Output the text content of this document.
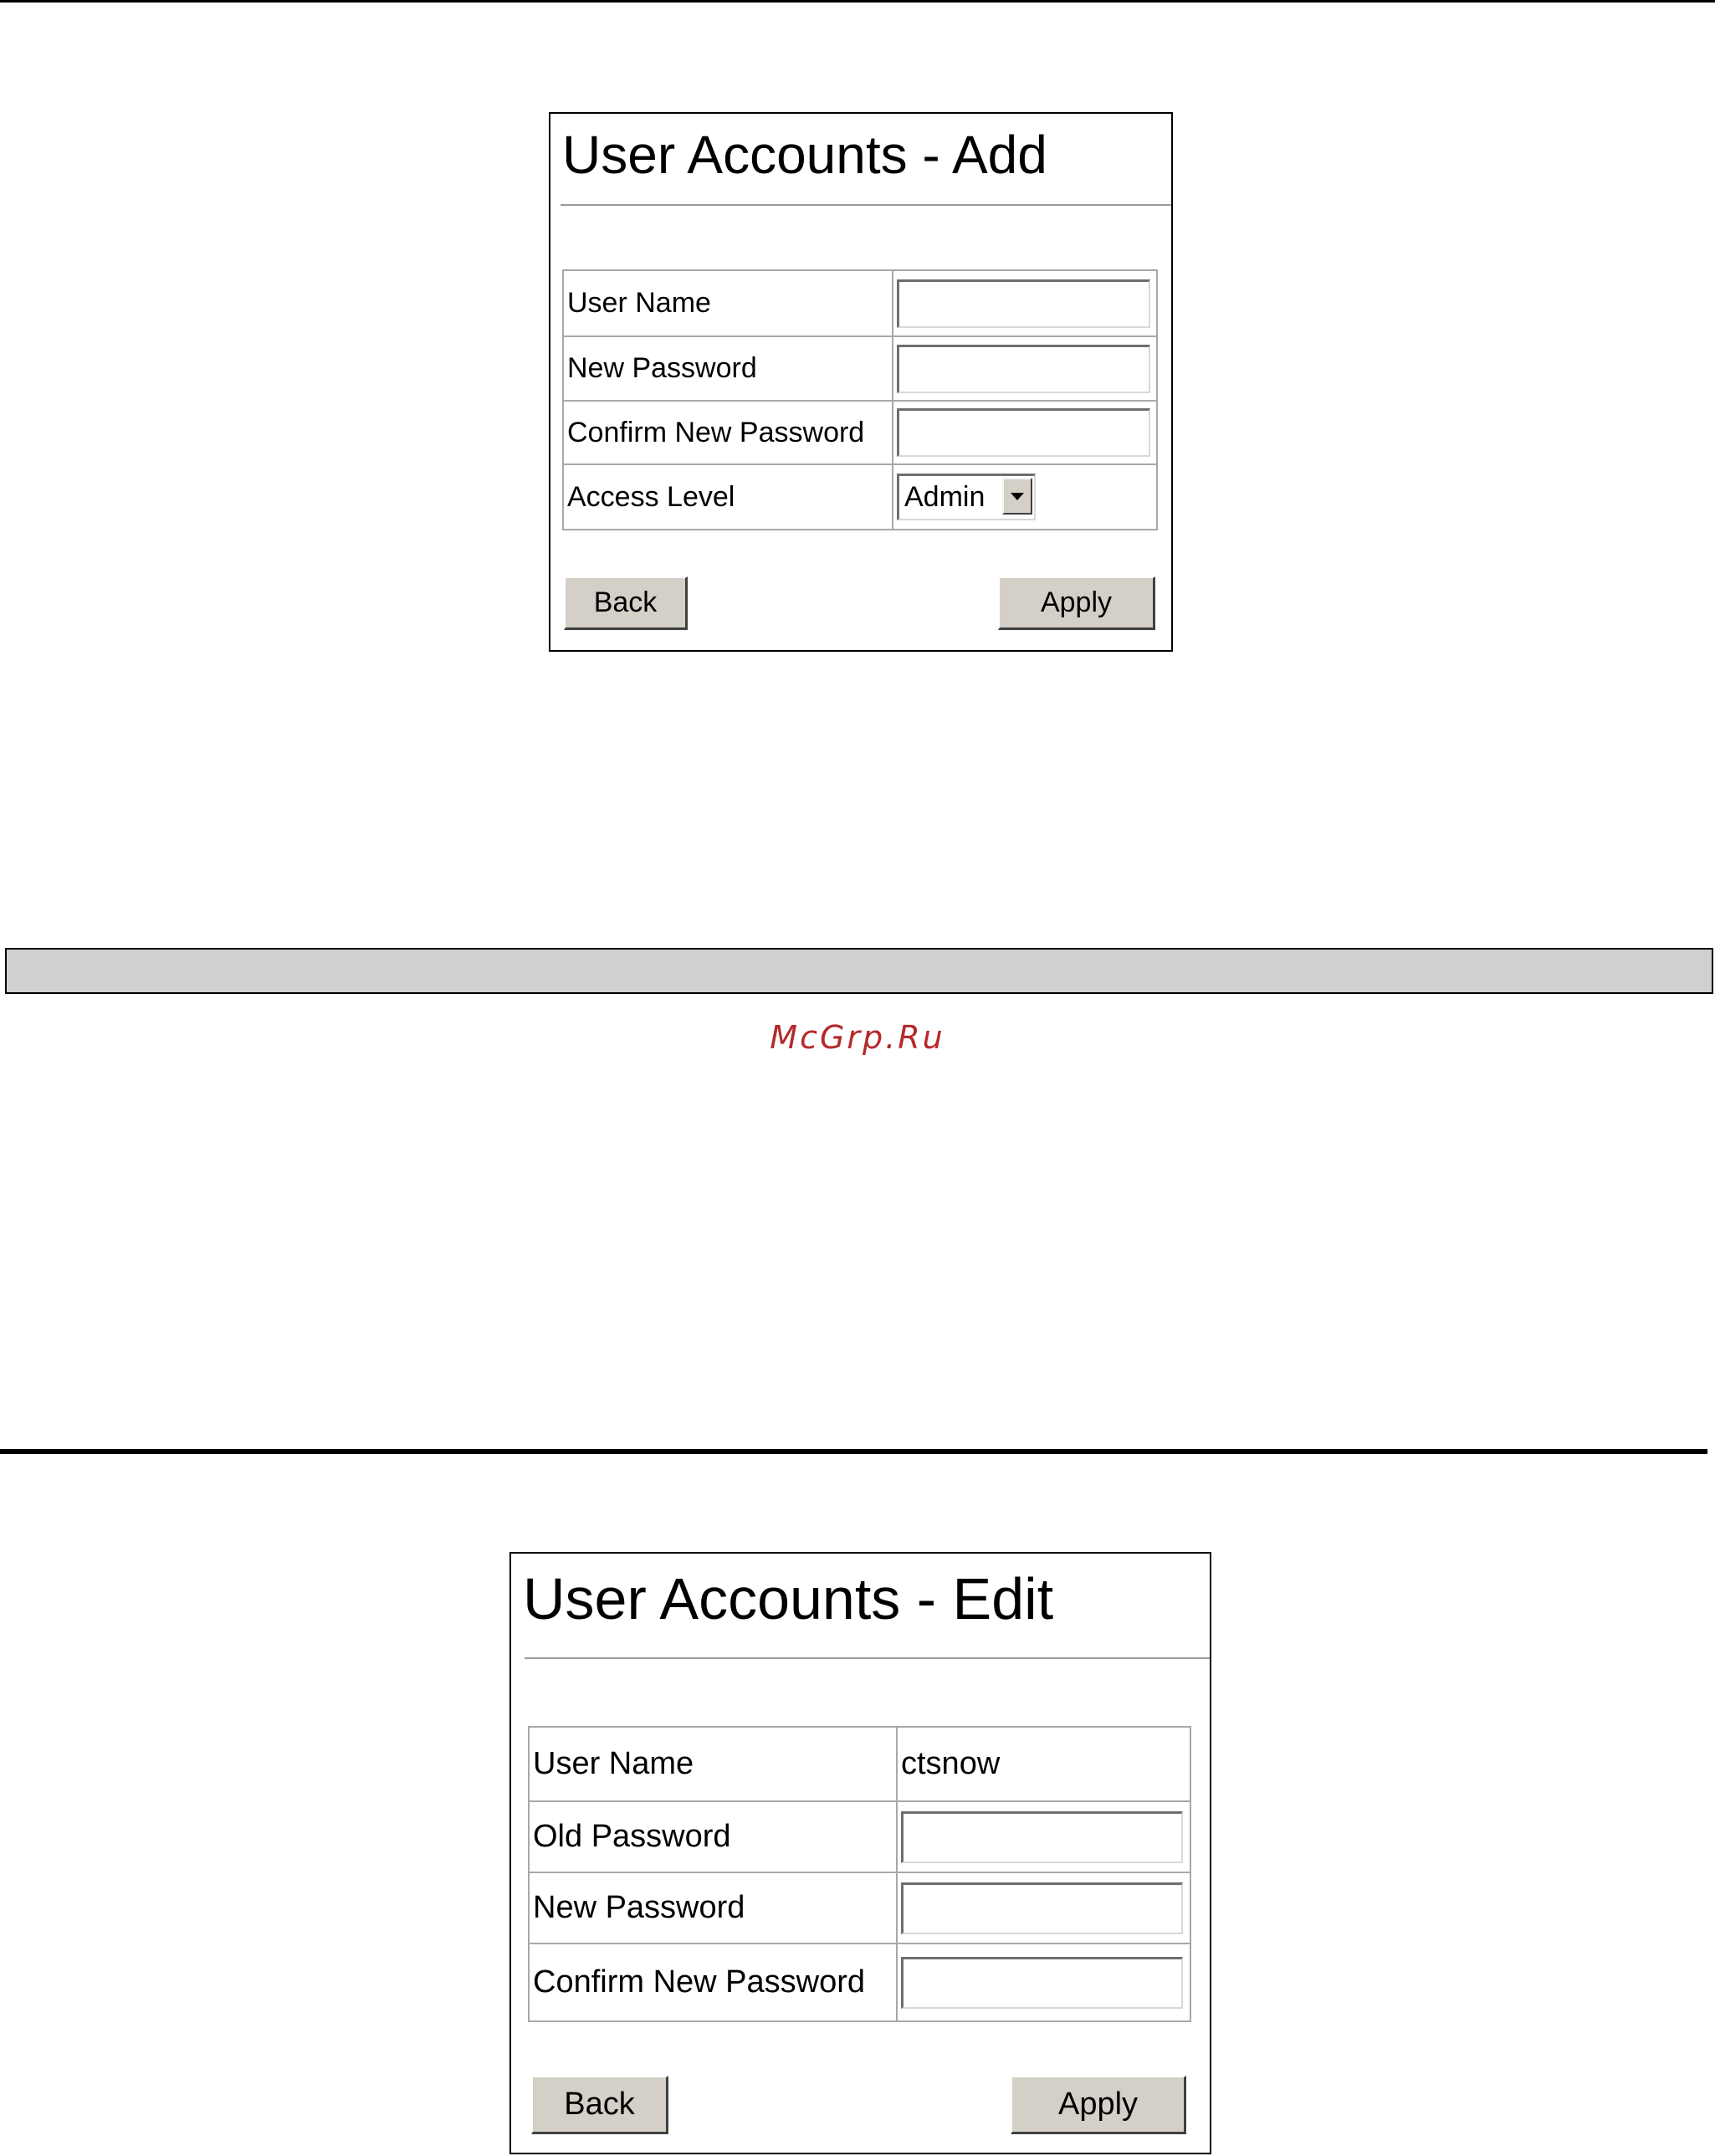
User Accounts - Add
User Name
New Password
Confirm New Password
Access Level	Admin
Back	Apply
McGrp.Ru
User Accounts - Edit
User Name	ctsnow
Old Password
New Password
Confirm New Password
Back	Apply
